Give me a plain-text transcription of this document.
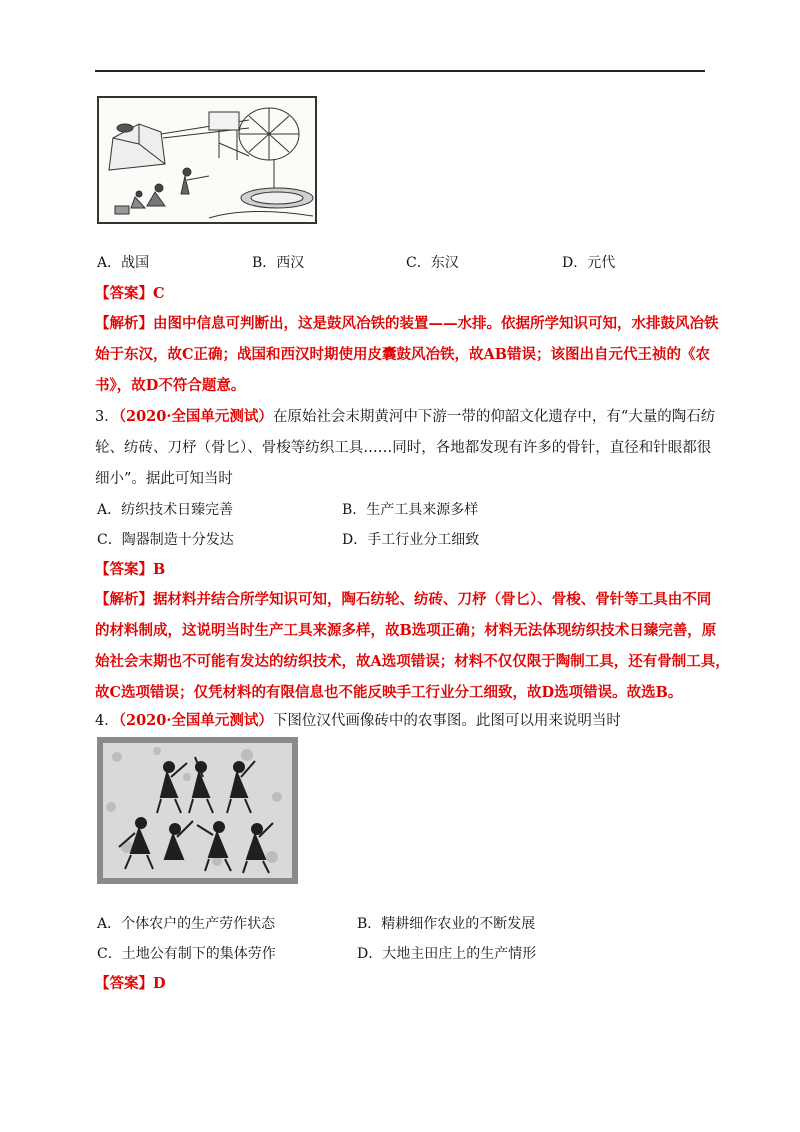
A．战国	B．西汉	C．东汉	D．元代
【答案】C
【解析】由图中信息可判断出，这是鼓风冶铁的装置——水排。依据所学知识可知，水排鼓风冶铁
始于东汉，故C正确；战国和西汉时期使用皮囊鼓风冶铁，故AB错误；该图出自元代王祯的《农
书》，故D不符合题意。
3．（2020·全国单元测试）在原始社会末期黄河中下游一带的仰韶文化遗存中，有“大量的陶石纺
轮、纺砖、刀杼（骨匕）、骨梭等纺织工具……同时，各地都发现有许多的骨针，直径和针眼都很
细小”。据此可知当时
A．纺织技术日臻完善	B．生产工具来源多样
C．陶器制造十分发达	D．手工行业分工细致
【答案】B
【解析】据材料并结合所学知识可知，陶石纺轮、纺砖、刀杼（骨匕）、骨梭、骨针等工具由不同
的材料制成，这说明当时生产工具来源多样，故B选项正确；材料无法体现纺织技术日臻完善，原
始社会末期也不可能有发达的纺织技术，故A选项错误；材料不仅仅限于陶制工具，还有骨制工具，
故C选项错误；仅凭材料的有限信息也不能反映手工行业分工细致，故D选项错误。故选B。
4．（2020·全国单元测试）下图位汉代画像砖中的农事图。此图可以用来说明当时
A．个体农户的生产劳作状态	B．精耕细作农业的不断发展
C．土地公有制下的集体劳作	D．大地主田庄上的生产情形
【答案】D
